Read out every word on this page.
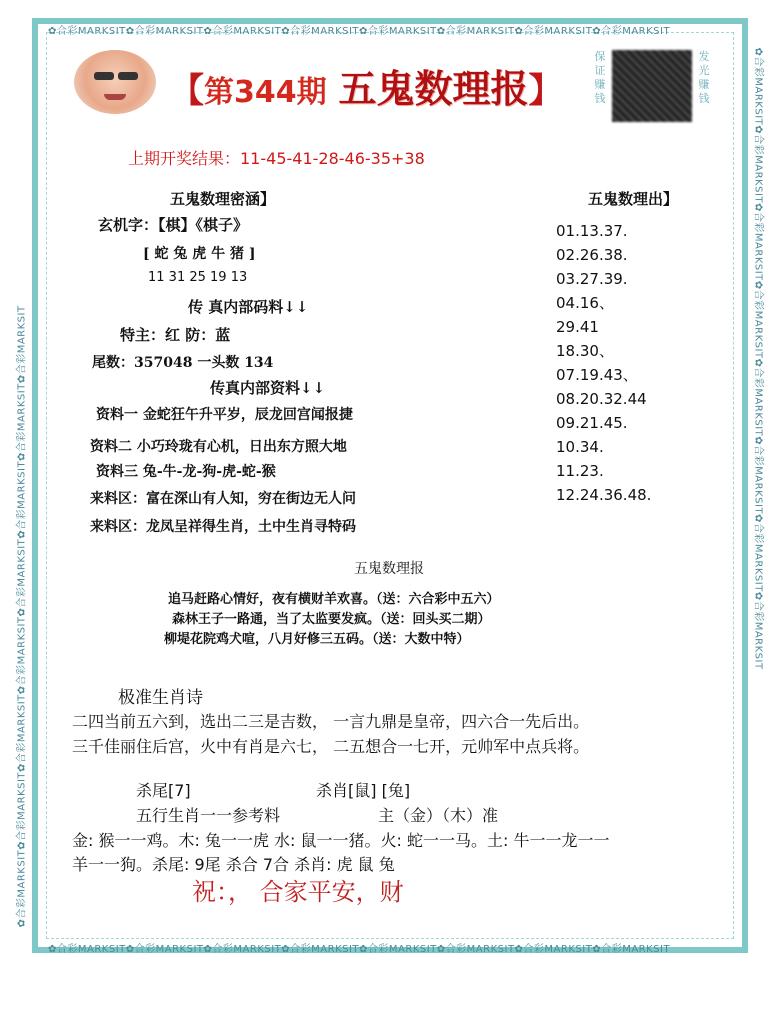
✿合彩MARKSIT✿合彩MARKSIT✿合彩MARKSIT✿合彩MARKSIT✿合彩MARKSIT✿合彩MARKSIT✿合彩MARKSIT✿合彩MARKSIT
✿合彩MARKSIT✿合彩MARKSIT✿合彩MARKSIT✿合彩MARKSIT✿合彩MARKSIT✿合彩MARKSIT✿合彩MARKSIT✿合彩MARKSIT
✿合彩MARKSIT✿合彩MARKSIT✿合彩MARKSIT✿合彩MARKSIT✿合彩MARKSIT✿合彩MARKSIT✿合彩MARKSIT✿合彩MARKSIT	✿合彩MARKSIT✿合彩MARKSIT✿合彩MARKSIT✿合彩MARKSIT✿合彩MARKSIT✿合彩MARKSIT✿合彩MARKSIT✿合彩MARKSIT
【第344期 五鬼数理报】
保证赚钱
发光赚钱
上期开奖结果：11-45-41-28-46-35+38
五鬼数理密涵】
玄机字：【棋】《棋子》
[ 蛇 兔 虎 牛 猪 ]
11 31 25 19 13
传 真内部码料↓↓
特主：红 防：蓝
尾数：357048 一头数 134
传真内部资料↓↓
资料一 金蛇狂午升平岁，辰龙回宫闻报捷
资料二 小巧玲珑有心机，日出东方照大地
资料三 兔-牛-龙-狗-虎-蛇-猴
来料区：富在深山有人知，穷在街边无人问
来料区：龙凤呈祥得生肖，土中生肖寻特码
五鬼数理出】
01.13.37.
02.26.38.
03.27.39.
04.16、
29.41
18.30、
07.19.43、
08.20.32.44
09.21.45.
10.34.
11.23.
12.24.36.48.
五鬼数理报
追马赶路心情好，夜有横财羊欢喜。（送：六合彩中五六）
森林王子一路通，当了太监要发疯。（送：回头买二期）
柳堤花院鸡犬喧，八月好修三五码。（送：大数中特）
极准生肖诗
二四当前五六到，选出二三是吉数， 一言九鼎是皇帝，四六合一先后出。
三千佳丽住后宫，火中有肖是六七， 二五想合一七开，元帅军中点兵将。
杀尾[7]	杀肖[鼠] [兔]
五行生肖一一参考料	主（金）（木）准
金: 猴一一鸡。木: 兔一一虎 水: 鼠一一猪。火: 蛇一一马。土: 牛一一龙一一
羊一一狗。杀尾: 9尾 杀合 7合 杀肖: 虎 鼠 兔
祝：， 合家平安，财
